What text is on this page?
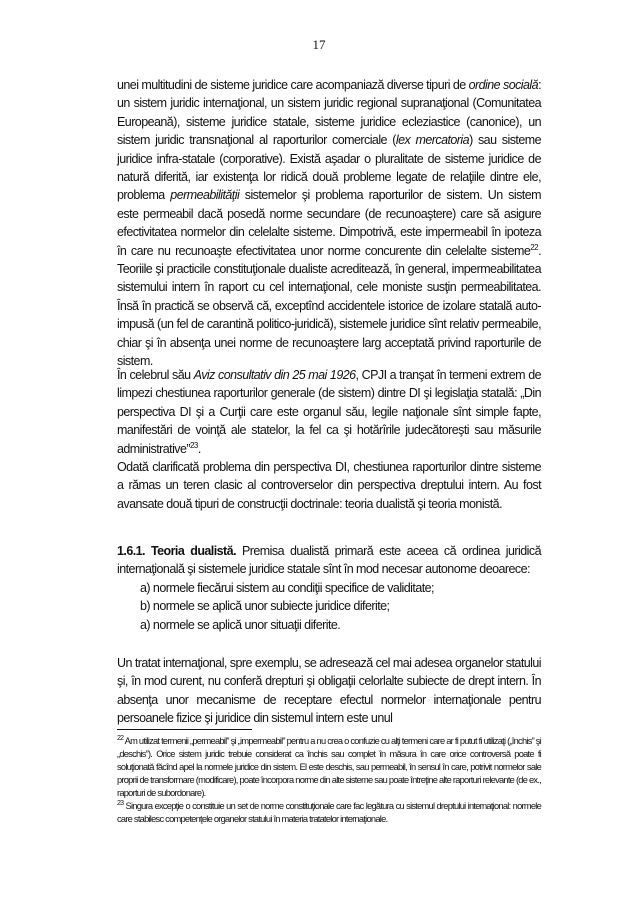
17

unei multitudini de sisteme juridice care acompaniază diverse tipuri de ordine socială: un sistem juridic internaţional, un sistem juridic regional supranaţional (Comunitatea Europeană), sisteme juridice statale, sisteme juridice ecleziastice (canonice), un sistem juridic transnaţional al raporturilor comerciale (lex mercatoria) sau sisteme juridice infra-statale (corporative). Există aşadar o pluralitate de sisteme juridice de natură diferită, iar existenţa lor ridică două probleme legate de relaţiile dintre ele, problema permeabilităţii sistemelor şi problema raporturilor de sistem. Un sistem este permeabil dacă posedă norme secundare (de recunoaştere) care să asigure efectivitatea normelor din celelalte sisteme. Dimpotrivă, este impermeabil în ipoteza în care nu recunoaşte efectivitatea unor norme concurente din celelalte sisteme$^{22}$. Teoriile şi practicile constituţionale dualiste acreditează, în general, impermeabilitatea sistemului intern în raport cu cel internaţional, cele moniste susţin permeabilitatea. Însă în practică se observă că, exceptînd accidentele istorice de izolare statală auto-impusă (un fel de carantină politico-juridică), sistemele juridice sînt relativ permeabile, chiar şi în absenţa unei norme de recunoaştere larg acceptată privind raporturile de sistem.

În celebrul său Aviz consultativ din 25 mai 1926, CPJI a tranşat în termeni extrem de limpezi chestiunea raporturilor generale (de sistem) dintre DI şi legislaţia statală: „Din perspectiva DI şi a Curţii care este organul său, legile naţionale sînt simple fapte, manifestări de voinţă ale statelor, la fel ca şi hotărîrile judecătoreşti sau măsurile administrative”$^{23}$.

Odată clarificată problema din perspectiva DI, chestiunea raporturilor dintre sisteme a rămas un teren clasic al controverselor din perspectiva dreptului intern. Au fost avansate două tipuri de construcţii doctrinale: teoria dualistă şi teoria monistă.

1.6.1. Teoria dualistă. Premisa dualistă primară este aceea că ordinea juridică internaţională şi sistemele juridice statale sînt în mod necesar autonome deoarece:

a) normele fiecărui sistem au condiţii specifice de validitate;
b) normele se aplică unor subiecte juridice diferite;
a) normele se aplică unor situaţii diferite.

Un tratat internaţional, spre exemplu, se adresează cel mai adesea organelor statului şi, în mod curent, nu conferă drepturi şi obligaţii celorlalte subiecte de drept intern. În absenţa unor mecanisme de receptare efectul normelor internaţionale pentru persoanele fizice şi juridice din sistemul intern este unul

$^{22}$ Am utilizat termenii „permeabil” şi „impermeabil” pentru a nu crea o confuzie cu alţi termeni care ar fi putut fi utilizaţi („închis” şi „deschis”). Orice sistem juridic trebuie considerat ca închis sau complet în măsura în care orice controversă poate fi soluţionată făcînd apel la normele juridice din sistem. El este deschis, sau permeabil, în sensul în care, potrivit normelor sale proprii de transformare (modificare), poate încorpora norme din alte sisteme sau poate întreţine alte raporturi relevante (de ex., raporturi de subordonare).

$^{23}$ Singura excepţie o constituie un set de norme constituţionale care fac legătura cu sistemul dreptului internaţional: normele care stabilesc competenţele organelor statului în materia tratatelor internaţionale.
